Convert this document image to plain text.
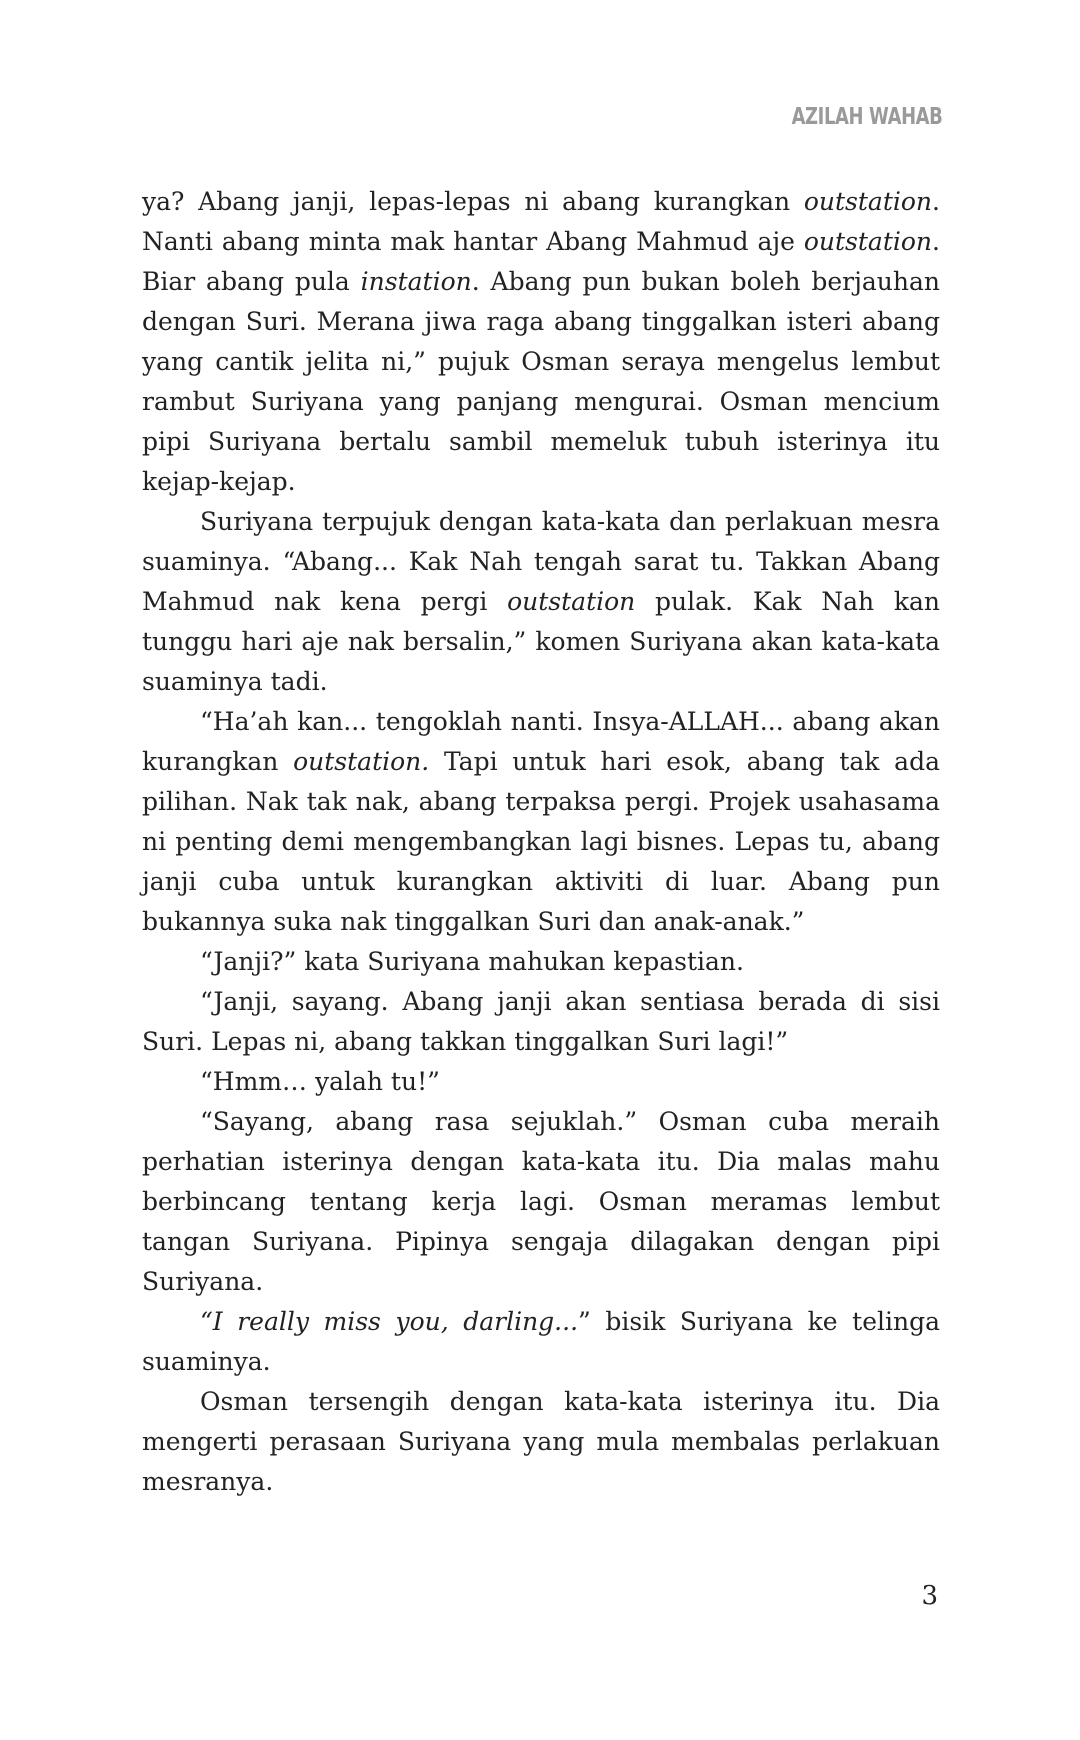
AZILAH WAHAB

ya? Abang janji, lepas-lepas ni abang kurangkan outstation. Nanti abang minta mak hantar Abang Mahmud aje outstation. Biar abang pula instation. Abang pun bukan boleh berjauhan dengan Suri. Merana jiwa raga abang tinggalkan isteri abang yang cantik jelita ni,” pujuk Osman seraya mengelus lembut rambut Suriyana yang panjang mengurai. Osman mencium pipi Suriyana bertalu sambil memeluk tubuh isterinya itu kejap-kejap.

Suriyana terpujuk dengan kata-kata dan perlakuan mesra suaminya. “Abang... Kak Nah tengah sarat tu. Takkan Abang Mahmud nak kena pergi outstation pulak. Kak Nah kan tunggu hari aje nak bersalin,” komen Suriyana akan kata-kata suaminya tadi.

“Ha’ah kan... tengoklah nanti. Insya-ALLAH... abang akan kurangkan outstation. Tapi untuk hari esok, abang tak ada pilihan. Nak tak nak, abang terpaksa pergi. Projek usahasama ni penting demi mengembangkan lagi bisnes. Lepas tu, abang janji cuba untuk kurangkan aktiviti di luar. Abang pun bukannya suka nak tinggalkan Suri dan anak-anak.”

“Janji?” kata Suriyana mahukan kepastian.

“Janji, sayang. Abang janji akan sentiasa berada di sisi Suri. Lepas ni, abang takkan tinggalkan Suri lagi!”

“Hmm… yalah tu!”

“Sayang, abang rasa sejuklah.” Osman cuba meraih perhatian isterinya dengan kata-kata itu. Dia malas mahu berbincang tentang kerja lagi. Osman meramas lembut tangan Suriyana. Pipinya sengaja dilagakan dengan pipi Suriyana.

“I really miss you, darling...” bisik Suriyana ke telinga suaminya.

Osman tersengih dengan kata-kata isterinya itu. Dia mengerti perasaan Suriyana yang mula membalas perlakuan mesranya.

3
